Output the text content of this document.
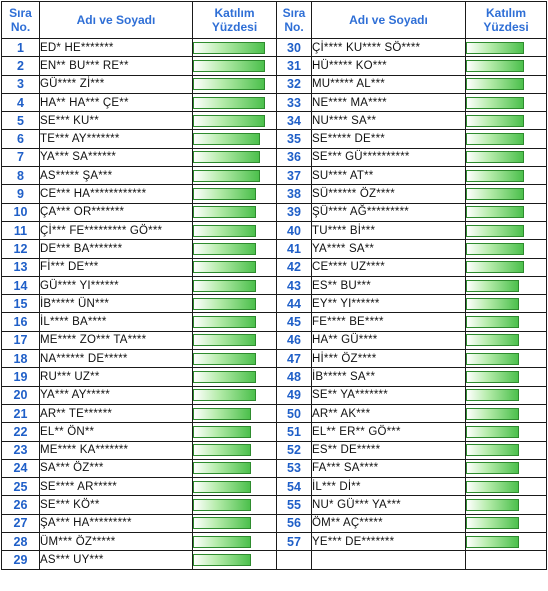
Sıra No.	Adı ve Soyadı	Katılım Yüzdesi	Sıra No.	Adı ve Soyadı	Katılım Yüzdesi
1	ED* HE*******		30	Çİ**** KU**** SÖ****	

2	EN** BU*** RE**		31	HÜ***** KO***	

3	GÜ**** Zİ***		32	MU***** AL***	

4	HA** HA*** ÇE**		33	NE**** MA****	

5	SE*** KU**		34	NU**** SA**	

6	TE*** AY*******		35	SE***** DE***	

7	YA*** SA******		36	SE*** GÜ**********	

8	AS***** ŞA***		37	SU**** AT**	

9	CE*** HA************		38	SÜ****** ÖZ****	

10	ÇA*** OR*******		39	ŞÜ**** AĞ*********	

11	Çİ*** FE********* GÖ***		40	TU**** Bİ***	

12	DE*** BA*******		41	YA**** SA**	

13	Fİ*** DE***		42	CE**** UZ****	

14	GÜ**** YI******		43	ES** BU***	

15	İB***** ÜN***		44	EY** YI******	

16	İL**** BA****		45	FE**** BE****	

17	ME**** ZO*** TA****		46	HA** GÜ****	

18	NA****** DE*****		47	Hİ*** ÖZ****	

19	RU*** UZ**		48	İB***** SA**	

20	YA*** AY*****		49	SE** YA*******	

21	AR** TE******		50	AR** AK***	

22	EL** ÖN**		51	EL** ER** GÖ***	

23	ME**** KA*******		52	ES** DE*****	

24	SA*** ÖZ***		53	FA*** SA****	

25	SE**** AR*****		54	İL*** Dİ**	

26	SE*** KÖ**		55	NU* GÜ*** YA***	

27	ŞA*** HA*********		56	ÖM** AÇ*****	

28	ÜM*** ÖZ*****		57	YE*** DE*******	

29	AS*** UY***	
